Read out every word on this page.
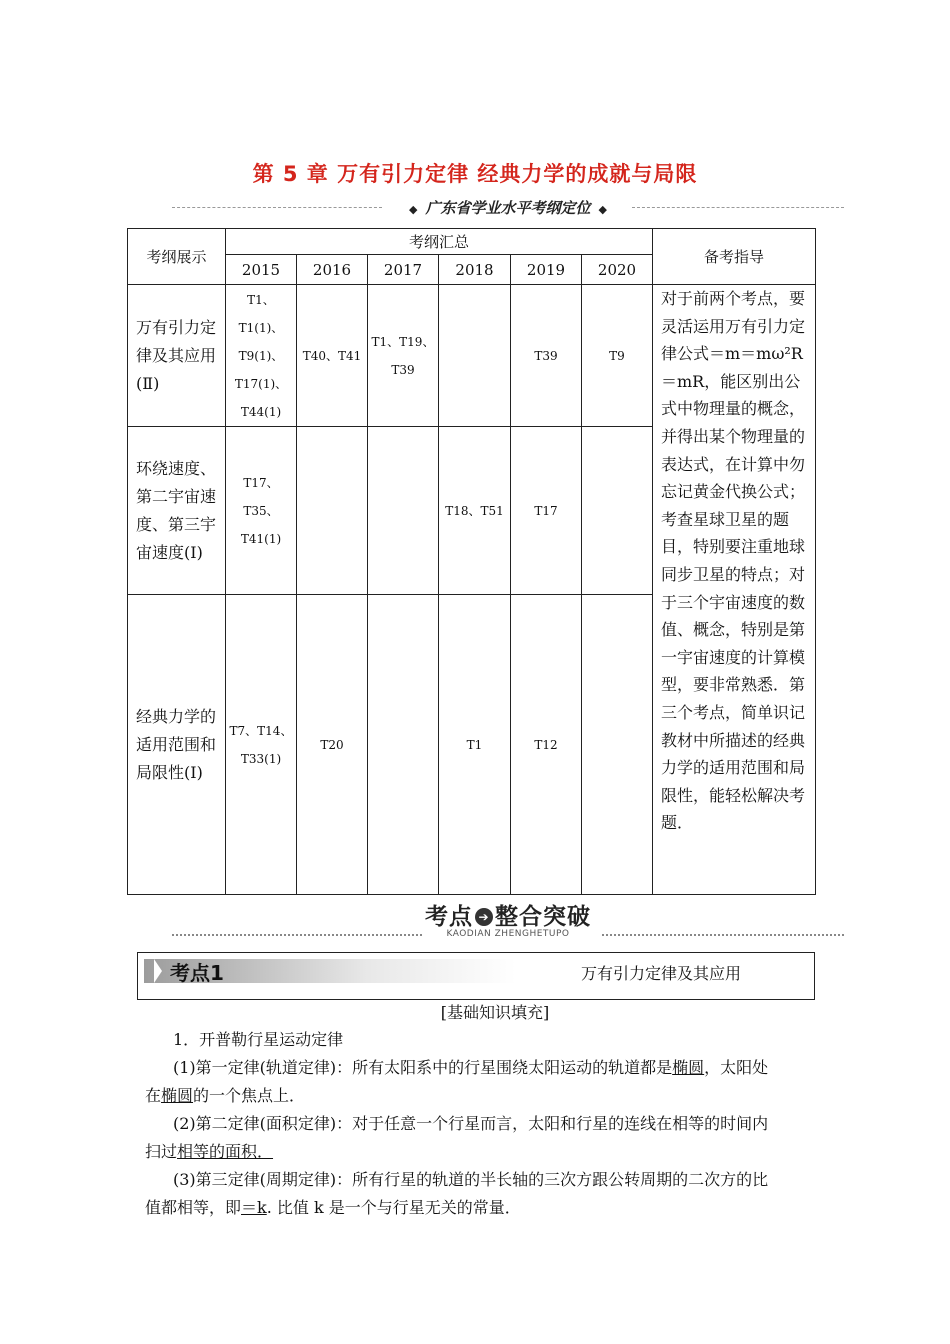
第 5 章 万有引力定律 经典力学的成就与局限
◆ 广东省学业水平考纲定位 ◆
考纲展示	考纲汇总						备考指导
	2015	2016	2017	2018	2019	2020	
万有引力定律及其应用(Ⅱ)	T1、T1(1)、T9(1)、T17(1)、T44(1)	T40、T41	T1、T19、T39		T39	T9	对于前两个考点，要灵活运用万有引力定律公式＝m＝mω²R＝mR，能区别出公式中物理量的概念，并得出某个物理量的表达式，在计算中勿忘记黄金代换公式；考查星球卫星的题目，特别要注重地球同步卫星的特点；对于三个宇宙速度的数值、概念，特别是第一宇宙速度的计算模型，要非常熟悉．第三个考点，简单识记教材中所描述的经典力学的适用范围和局限性，能轻松解决考题．
环绕速度、第二宇宙速度、第三宇宙速度(Ⅰ)	T17、T35、T41(1)			T18、T51	T17		
经典力学的适用范围和局限性(Ⅰ)	T7、T14、T33(1)	T20		T1	T12		
考点 ➔ 整合突破
KAODIAN ZHENGHETUPO
考点1	万有引力定律及其应用
[基础知识填充]
1．开普勒行星运动定律
(1)第一定律(轨道定律)：所有太阳系中的行星围绕太阳运动的轨道都是椭圆，太阳处
在椭圆的一个焦点上．
(2)第二定律(面积定律)：对于任意一个行星而言，太阳和行星的连线在相等的时间内
扫过相等的面积．
(3)第三定律(周期定律)：所有行星的轨道的半长轴的三次方跟公转周期的二次方的比
值都相等，即＝k. 比值 k 是一个与行星无关的常量．
